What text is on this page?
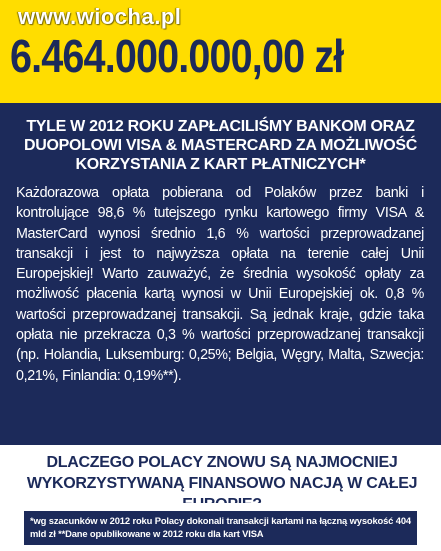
www.wiocha.pl
6.464.000.000,00 zł
TYLE W 2012 ROKU ZAPŁACILIŚMY BANKOM ORAZ DUOPOLOWI VISA & MASTERCARD ZA MOŻLIWOŚĆ KORZYSTANIA Z KART PŁATNICZYCH*
Każdorazowa opłata pobierana od Polaków przez banki i kontrolujące 98,6 % tutejszego rynku kartowego firmy VISA & MasterCard wynosi średnio 1,6 % wartości przeprowadzanej transakcji i jest to najwyższa opłata na terenie całej Unii Europejskiej! Warto zauważyć, że średnia wysokość opłaty za możliwość płacenia kartą wynosi w Unii Europejskiej ok. 0,8 % wartości przeprowadzanej transakcji. Są jednak kraje, gdzie taka opłata nie przekracza 0,3 % wartości przeprowadzanej transakcji (np. Holandia, Luksemburg: 0,25%; Belgia, Węgry, Malta, Szwecja: 0,21%, Finlandia: 0,19%**).
DLACZEGO POLACY ZNOWU SĄ NAJMOCNIEJ WYKORZYSTYWANĄ FINANSOWO NACJĄ W CAŁEJ
*wg szacunków w 2012 roku Polacy dokonali transakcji kartami na łączną wysokość 404 mld zł **Dane opublikowane w 2012 roku dla kart VISA
